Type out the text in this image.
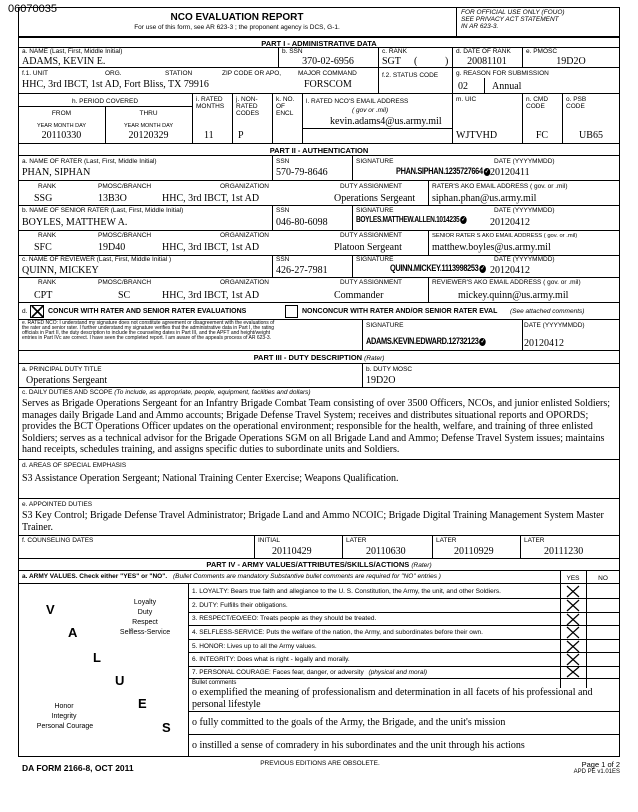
06070035
NCO EVALUATION REPORT
For use of this form, see AR 623-3 ; the proponent agency is DCS, G-1.
FOR OFFICIAL USE ONLY (FOUO)
SEE PRIVACY ACT STATEMENT
IN AR 623-3.
PART I - ADMINISTRATIVE DATA
a. NAME (Last, First, Middle Initial)
ADAMS, KEVIN E.
b. SSN
370-02-6956
c. RANK
SGT (	)
d. DATE OF RANK
20081101
e. PMOSC
19D2O
f.1. UNIT	ORG.	STATION	ZIP CODE OR APO,	MAJOR COMMAND
HHC, 3rd IBCT, 1st AD, Fort Bliss, TX 79916	FORSCOM
f.2. STATUS CODE	g. REASON FOR SUBMISSION
02 Annual
h. PERIOD COVERED
FROM	THRU
YEAR MONTH DAY	YEAR MONTH DAY
20110330	20120329
i. RATED MONTHS
11
j. NON-RATED CODES
P
k. NO. OF ENCL
l. RATED NCO'S EMAIL ADDRESS
( gov or .mil)
kevin.adams4@us.army.mil
m. UIC
WJTVHD
n. CMD CODE
FC
o. PSB CODE
UB65
PART II - AUTHENTICATION
a. NAME OF RATER (Last, First, Middle Initial)
PHAN, SIPHAN
SSN
570-79-8646
SIGNATURE
PHAN.SIPHAN.1235727664 ✓
DATE (YYYYMMDD)
20120411
RANK	PMOSC/BRANCH	ORGANIZATION	DUTY ASSIGNMENT	RATER'S AKO EMAIL ADDRESS ( gov. or .mil)
SSG	13B3O	HHC, 3rd IBCT, 1st AD	Operations Sergeant siphan.phan@us.army.mil
b. NAME OF SENIOR RATER (Last, First, Middle Initial)
BOYLES, MATTHEW A.
SSN
046-80-6098
SIGNATURE
BOYLES.MATTHEW.ALLEN.1014235 ✓
DATE (YYYYMMDD)
20120412
RANK	PMOSC/BRANCH	ORGANIZATION	DUTY ASSIGNMENT	SENIOR RATER S AKO EMAIL ADDRESS ( gov. or .mil)
SFC	19D40	HHC, 3rd IBCT, 1st AD	Platoon Sergeant	matthew.boyles@us.army.mil
c. NAME OF REVIEWER (Last, First, Middle Initial )
QUINN, MICKEY
SSN
426-27-7981
SIGNATURE
QUINN.MICKEY.1113998253 ✓
DATE (YYYYMMDD)
20120412
RANK	PMOSC/BRANCH	ORGANIZATION	DUTY ASSIGNMENT	REVIEWER'S AKO EMAIL ADDRESS ( gov. or .mil)
CPT	SC	HHC, 3rd IBCT, 1st AD	Commander	mickey.quinn@us.army.mil
d.	CONCUR WITH RATER AND SENIOR RATER EVALUATIONS	NONCONCUR WITH RATER AND/OR SENIOR RATER EVAL (See attached comments)
e. RATED NCO: I understand my signature does not constitute agreement or disagreement with the evaluations of
the rater and senior rater. I further understand my signature verifies that the administrative data in Part I, the rating
officials in Part II, the duty description to include the counseling dates in Part III, and the APFT and height/weight
entries in Part IVc are correct. I have seen the completed report. I am aware of the appeals process of AR 623-3.
SIGNATURE
ADAMS.KEVIN.EDWARD.12732123 ✓
DATE (YYYYMMDD)
20120412
PART III - DUTY DESCRIPTION (Rater)
a. PRINCIPAL DUTY TITLE
Operations Sergeant
b. DUTY MOSC
19D2O
c. DAILY DUTIES AND SCOPE (To include, as appropriate, people, equipment, facilities and dollars)
Serves as Brigade Operations Sergeant for an Infantry Brigade Combat Team consisting of over 3500 Officers, NCOs, and junior enlisted Soldiers; manages daily Brigade Land and Ammo accounts; Brigade Defense Travel System; receives and distributes situational reports and OPORDS; provides the BCT Operations Officer updates on the operational environment; responsible for the health, welfare, and training of three enlisted Soldiers; serves as a technical advisor for the Brigade Operations SGM on all Brigade Land and Ammo; Defense Travel System issues; maintains hand receipts, schedules training, and assigns specific duties to subordinate units and Soldiers.
d. AREAS OF SPECIAL EMPHASIS
S3 Assistance Operation Sergeant; National Training Center Exercise; Weapons Qualification.
e. APPOINTED DUTIES
S3 Key Control; Brigade Defense Travel Administrator; Brigade Land and Ammo NCOIC; Brigade Digital Training Management System Master Trainer.
f. COUNSELING DATES	INITIAL
20110429
LATER
20110630
LATER
20110929
LATER
20111230
PART IV - ARMY VALUES/ATTRIBUTES/SKILLS/ACTIONS (Rater)
a. ARMY VALUES. Check either "YES" or "NO". (Bullet Comments are mandatory Substantive bullet comments are required for "NO" entries )	YES	NO
1. LOYALTY: Bears true faith and allegiance to the U. S. Constitution, the Army, the unit, and other Soldiers.
2. DUTY: Fulfills their obligations.
3. RESPECT/EO/EEO: Treats people as they should be treated.
4. SELFLESS-SERVICE: Puts the welfare of the nation, the Army, and subordinates before their own.
5. HONOR: Lives up to all the Army values.
6. INTEGRITY: Does what is right - legally and morally.
7. PERSONAL COURAGE: Faces fear, danger, or adversity (physical and moral)
V
A
L
U
E
S
Loyalty
Duty
Respect
Selfless-Service
Honor
Integrity
Personal Courage
Bullet comments
o exemplified the meaning of professionalism and determination in all facets of his professional and personal lifestyle
o fully committed to the goals of the Army, the Brigade, and the unit's mission
o instilled a sense of comradery in his subordinates and the unit through his actions
DA FORM 2166-8, OCT 2011	PREVIOUS EDITIONS ARE OBSOLETE.	Page 1 of 2
APD PE v1.01ES
